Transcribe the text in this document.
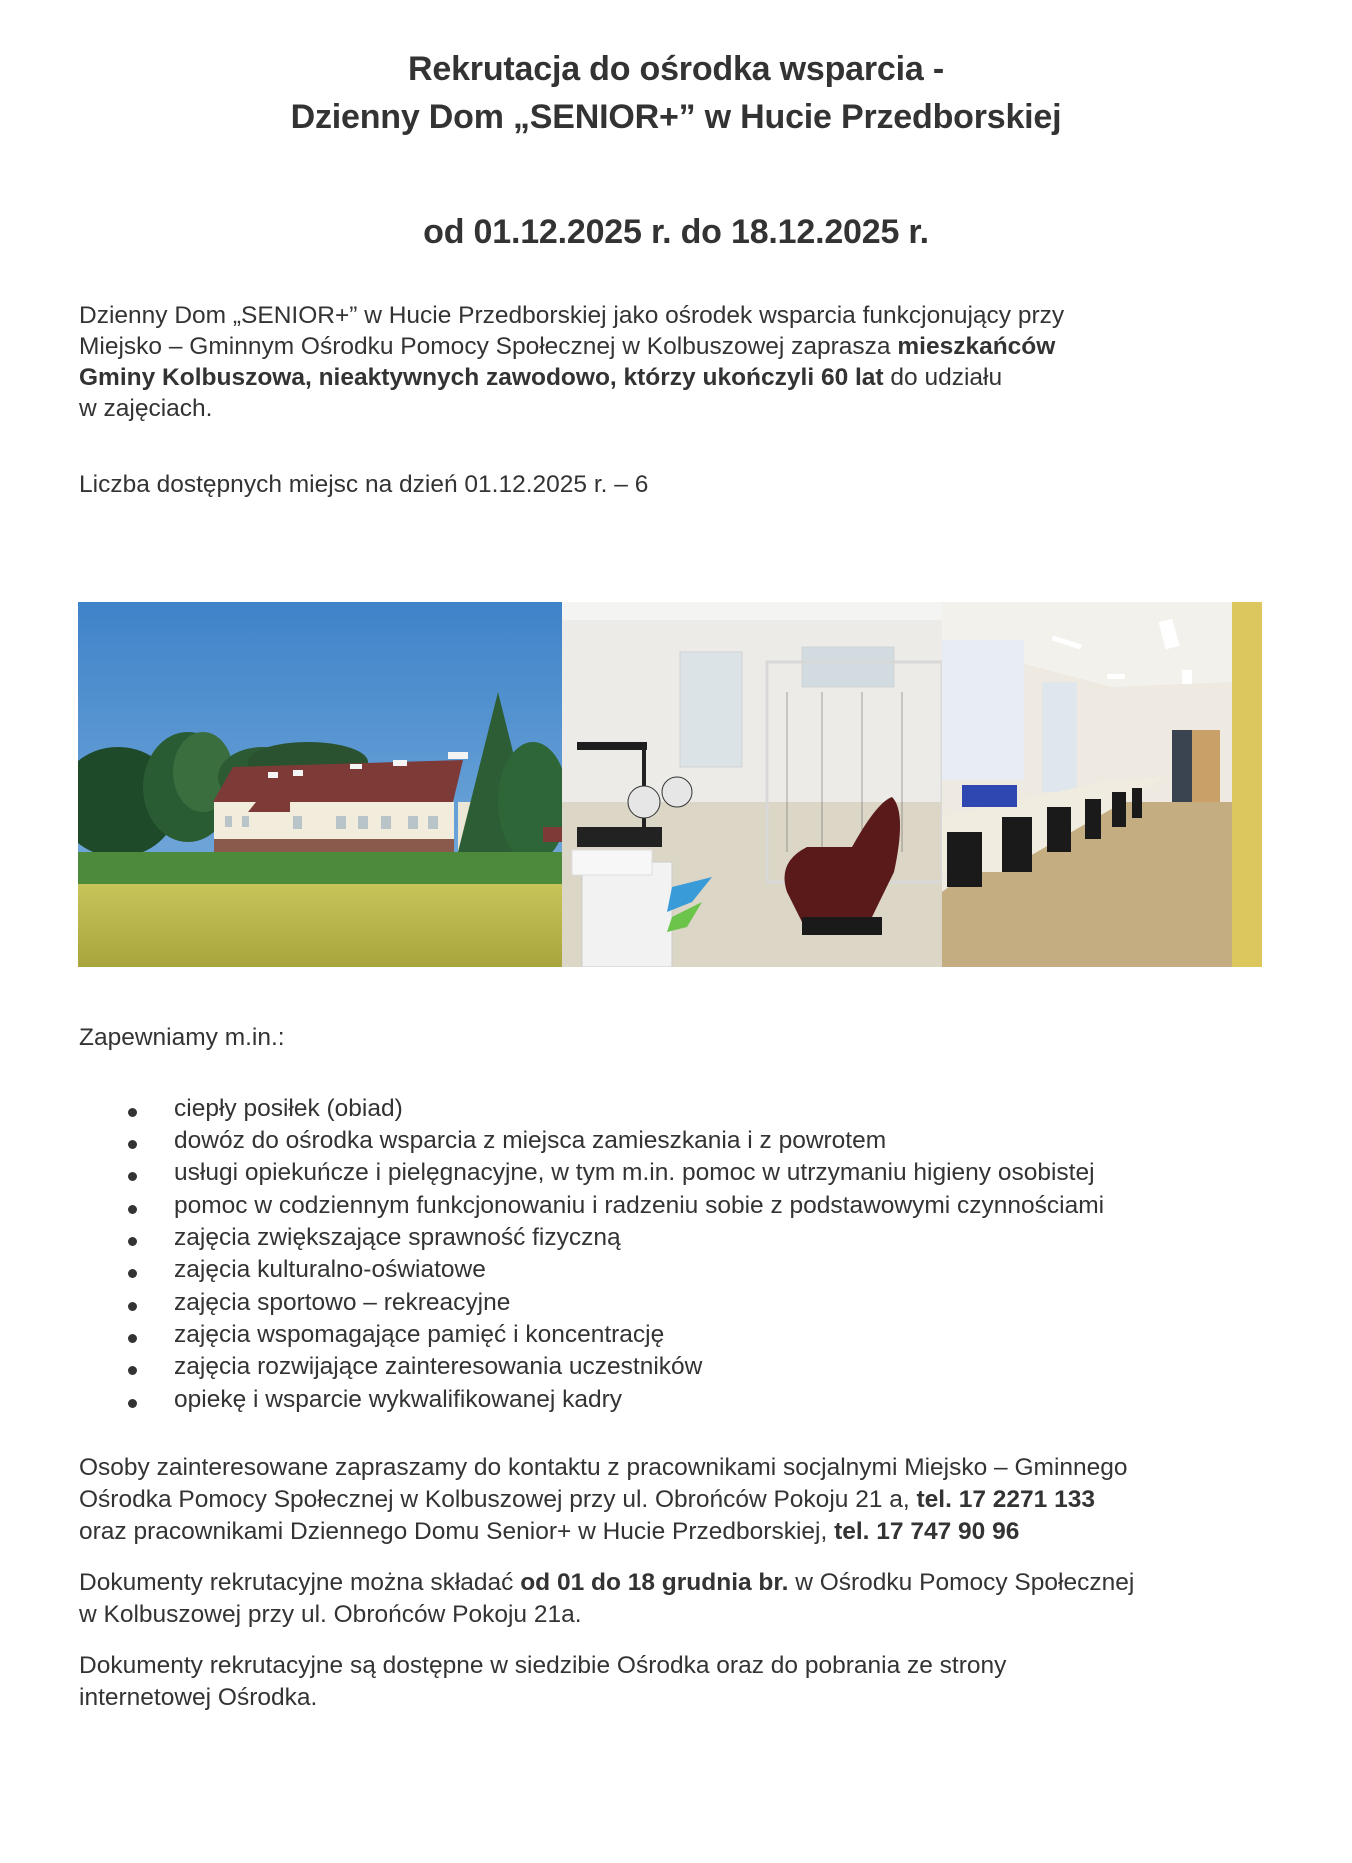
Rekrutacja do ośrodka wsparcia -
Dzienny Dom „SENIOR+” w Hucie Przedborskiej
od 01.12.2025 r. do 18.12.2025 r.
Dzienny Dom „SENIOR+” w Hucie Przedborskiej jako ośrodek wsparcia funkcjonujący przy
Miejsko – Gminnym Ośrodku Pomocy Społecznej w Kolbuszowej zaprasza mieszkańców
Gminy Kolbuszowa, nieaktywnych zawodowo, którzy ukończyli 60 lat do udziału
w zajęciach.
Liczba dostępnych miejsc na dzień 01.12.2025 r. – 6
Zapewniamy m.in.:
ciepły posiłek (obiad)
dowóz do ośrodka wsparcia z miejsca zamieszkania i z powrotem
usługi opiekuńcze i pielęgnacyjne, w tym m.in. pomoc w utrzymaniu higieny osobistej
pomoc w codziennym funkcjonowaniu i radzeniu sobie z podstawowymi czynnościami
zajęcia zwiększające sprawność fizyczną
zajęcia kulturalno-oświatowe
zajęcia sportowo – rekreacyjne
zajęcia wspomagające pamięć i koncentrację
zajęcia rozwijające zainteresowania uczestników
opiekę i wsparcie wykwalifikowanej kadry
Osoby zainteresowane zapraszamy do kontaktu z pracownikami socjalnymi Miejsko – Gminnego
Ośrodka Pomocy Społecznej w Kolbuszowej przy ul. Obrońców Pokoju 21 a, tel. 17 2271 133
oraz pracownikami Dziennego Domu Senior+ w Hucie Przedborskiej, tel. 17 747 90 96
Dokumenty rekrutacyjne można składać od 01 do 18 grudnia br. w Ośrodku Pomocy Społecznej
w Kolbuszowej przy ul. Obrońców Pokoju 21a.
Dokumenty rekrutacyjne są dostępne w siedzibie Ośrodka oraz do pobrania ze strony
internetowej Ośrodka.
